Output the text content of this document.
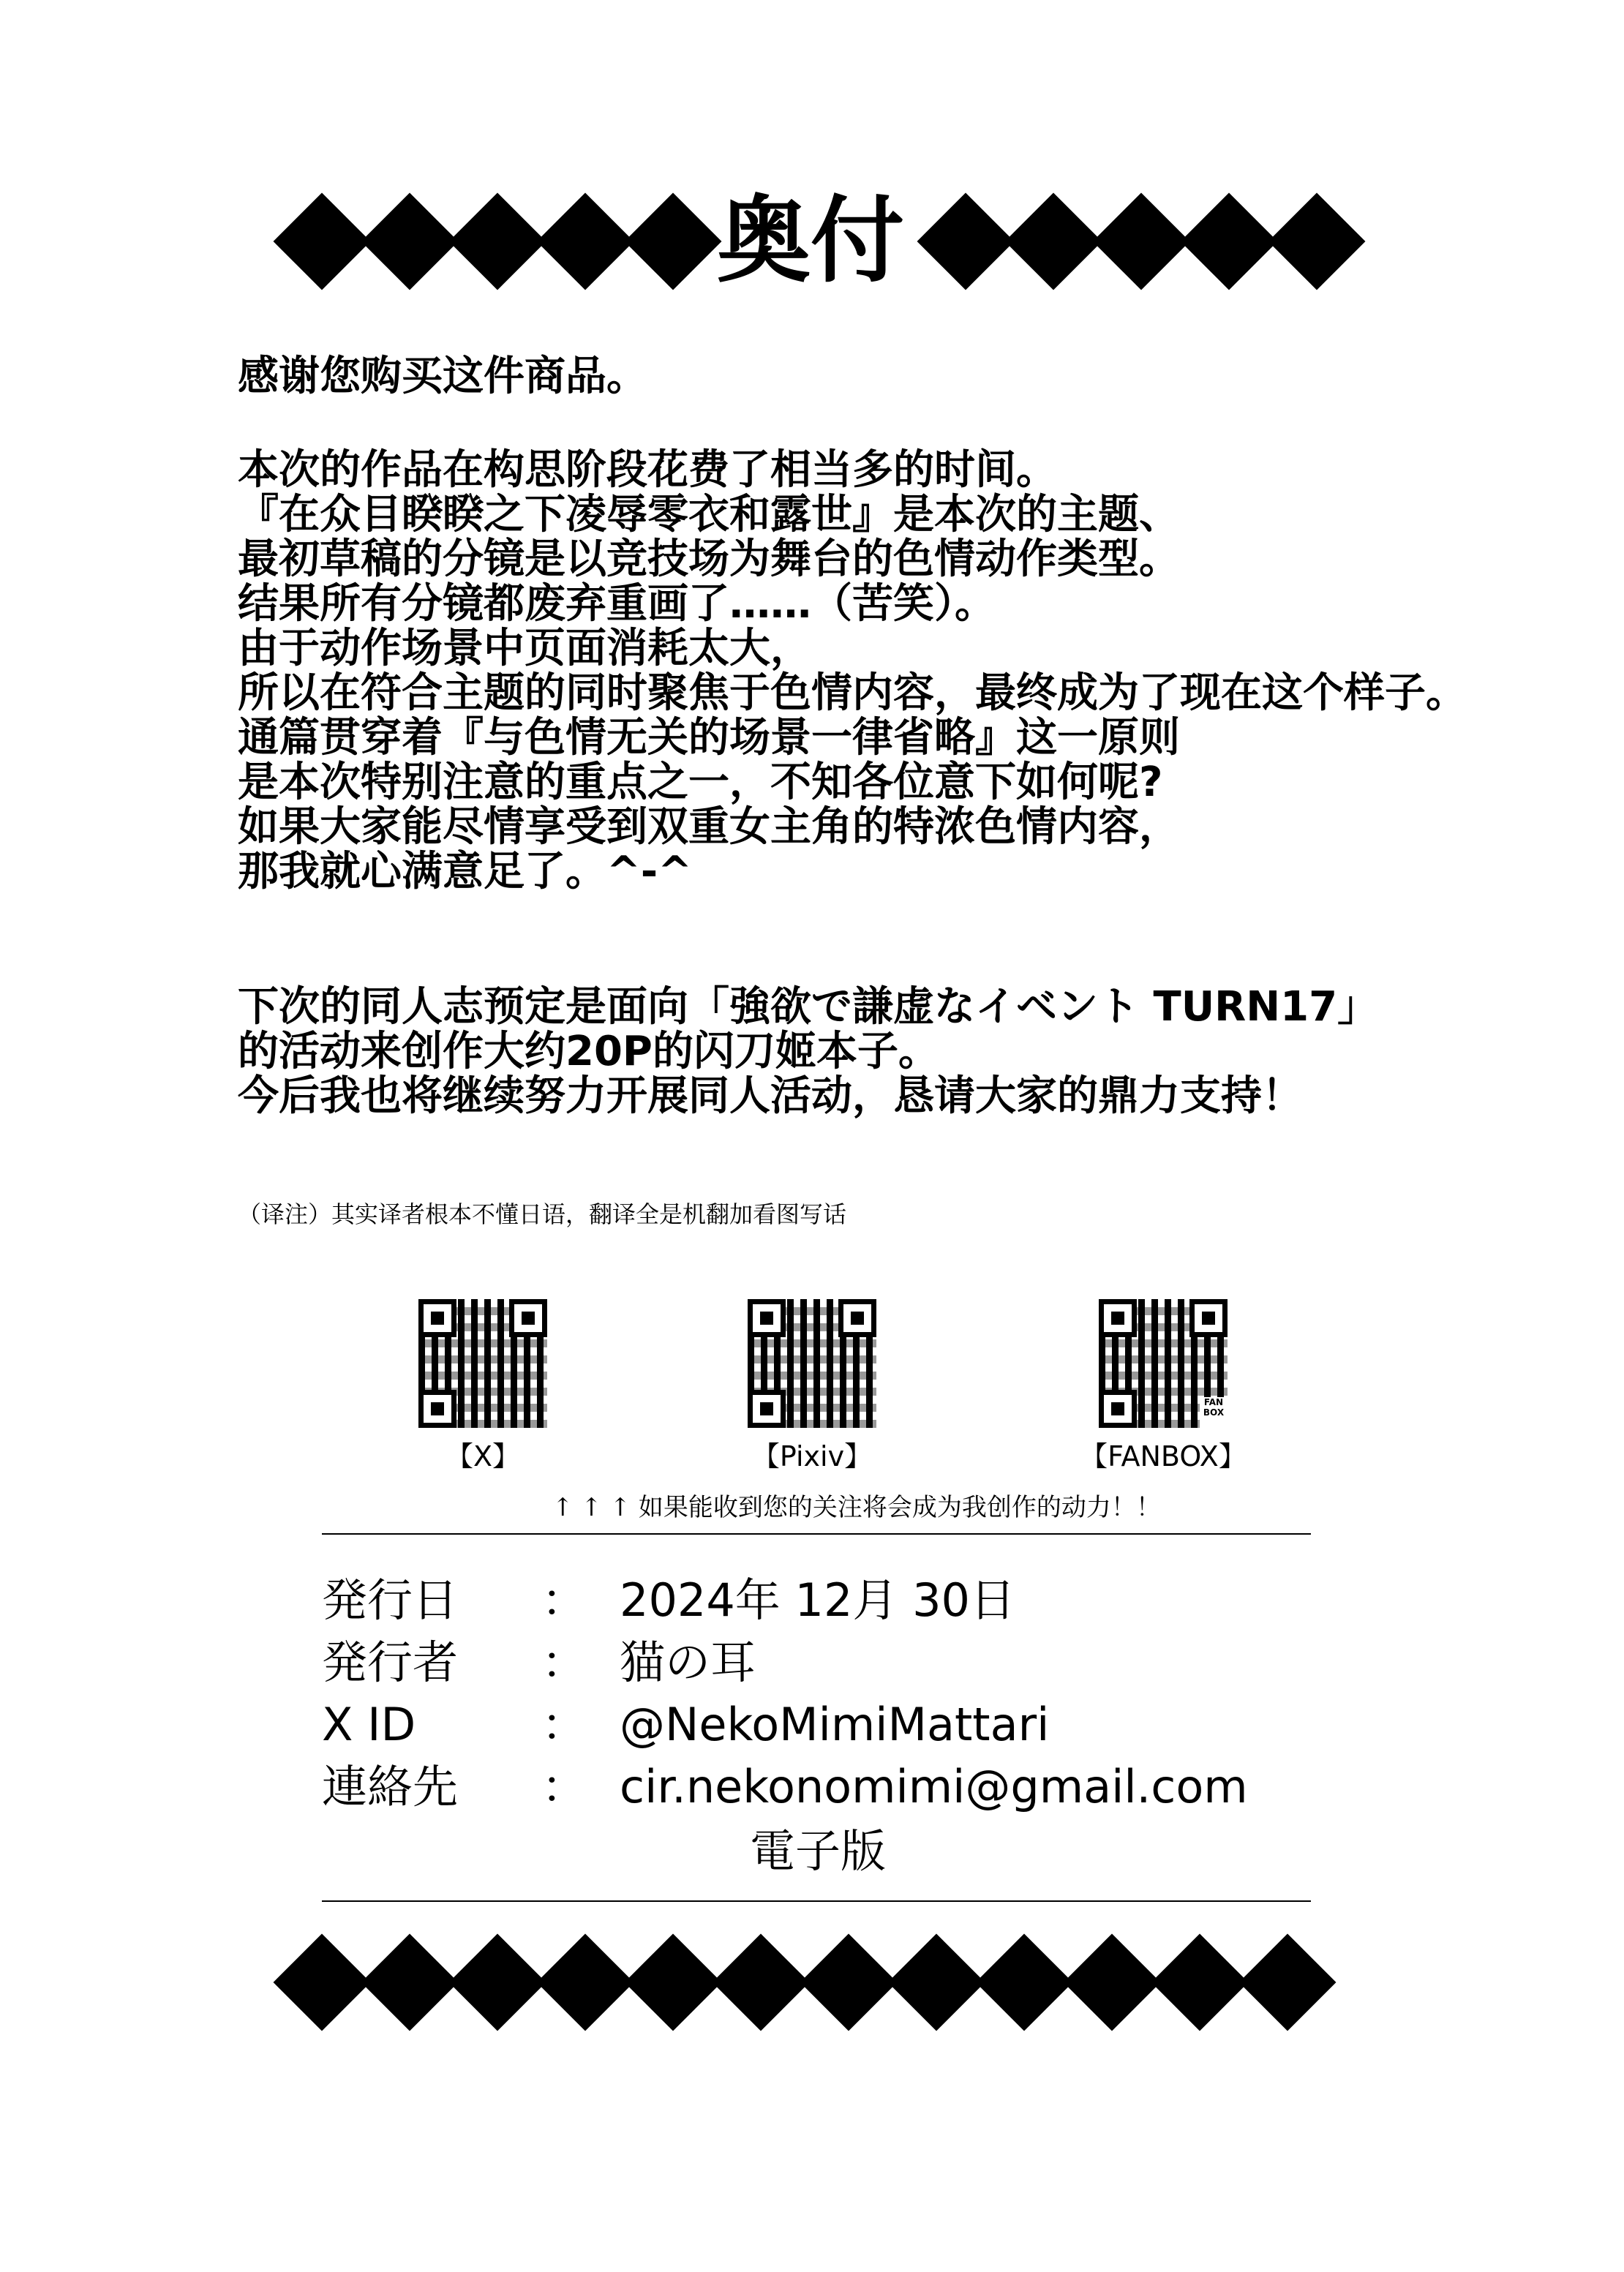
奥付
感谢您购买这件商品。
本次的作品在构思阶段花费了相当多的时间。
『在众目睽睽之下凌辱零衣和露世』是本次的主题、
最初草稿的分镜是以竞技场为舞台的色情动作类型。
结果所有分镜都废弃重画了……（苦笑）。
由于动作场景中页面消耗太大，
所以在符合主题的同时聚焦于色情内容，最终成为了现在这个样子。
通篇贯穿着『与色情无关的场景一律省略』这一原则
是本次特别注意的重点之一，不知各位意下如何呢?
如果大家能尽情享受到双重女主角的特浓色情内容，
那我就心满意足了。^-^
下次的同人志预定是面向「強欲で謙虚なイベント TURN17」
的活动来创作大约20P的闪刀姬本子。
今后我也将继续努力开展同人活动，恳请大家的鼎力支持！
（译注）其实译者根本不懂日语，翻译全是机翻加看图写话
【X】	【Pixiv】
FAN BOX
【FANBOX】
↑ ↑ ↑ 如果能收到您的关注将会成为我创作的动力！！
発行日 ： 2024年 12月 30日
発行者 ： 猫の耳
X ID	： @NekoMimiMattari
連絡先 ： cir.nekonomimi@gmail.com
電子版
